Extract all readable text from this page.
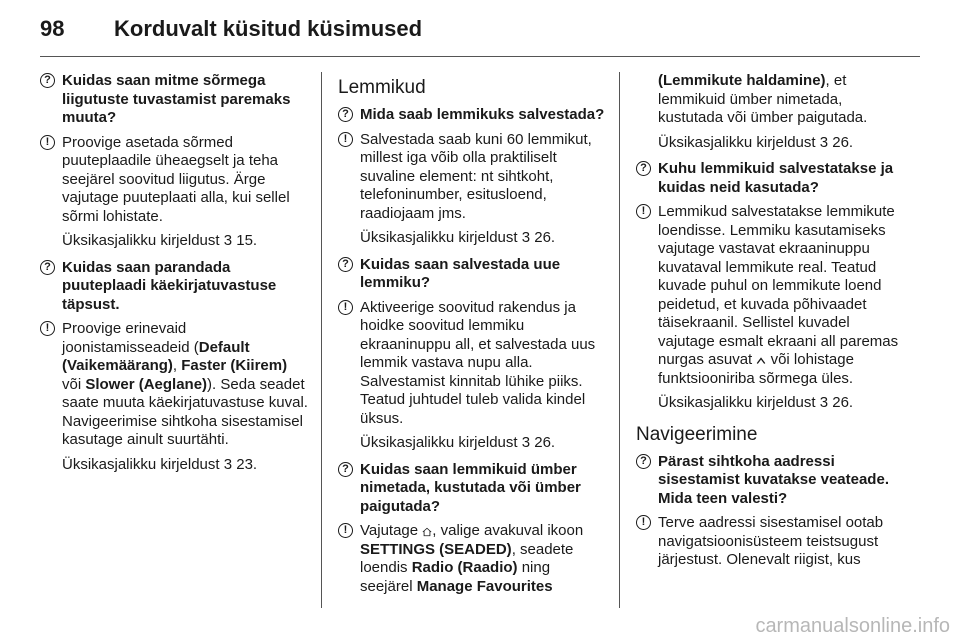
98 Korduvalt küsitud küsimused
? Kuidas saan mitme sõrmega liigutuste tuvastamist paremaks muuta?
! Proovige asetada sõrmed puuteplaadile üheaegselt ja teha seejärel soovitud liigutus. Ärge vajutage puuteplaati alla, kui sellel sõrmi lohistate.
Üksikasjalikku kirjeldust 3 15.
? Kuidas saan parandada puuteplaadi käekirjatuvastuse täpsust.
! Proovige erinevaid joonistamisseadeid (Default (Vaikemäärang), Faster (Kiirem) või Slower (Aeglane)). Seda seadet saate muuta käekirjatuvastuse kuval. Navigeerimise sihtkoha sisestamisel kasutage ainult suurtähti.
Üksikasjalikku kirjeldust 3 23.
Lemmikud
? Mida saab lemmikuks salvestada?
! Salvestada saab kuni 60 lemmikut, millest iga võib olla praktiliselt suvaline element: nt sihtkoht, telefoninumber, esitusloend, raadiojaam jms.
Üksikasjalikku kirjeldust 3 26.
? Kuidas saan salvestada uue lemmiku?
! Aktiveerige soovitud rakendus ja hoidke soovitud lemmiku ekraaninuppu all, et salvestada uus lemmik vastava nupu alla. Salvestamist kinnitab lühike piiks. Teatud juhtudel tuleb valida kindel üksus.
Üksikasjalikku kirjeldust 3 26.
? Kuidas saan lemmikuid ümber nimetada, kustutada või ümber paigutada?
! Vajutage , valige avakuval ikoon SETTINGS (SEADED), seadete loendis Radio (Raadio) ning seejärel Manage Favourites
(Lemmikute haldamine), et lemmikuid ümber nimetada, kustutada või ümber paigutada.
Üksikasjalikku kirjeldust 3 26.
? Kuhu lemmikuid salvestatakse ja kuidas neid kasutada?
! Lemmikud salvestatakse lemmikute loendisse. Lemmiku kasutamiseks vajutage vastavat ekraaninuppu kuvataval lemmikute real. Teatud kuvade puhul on lemmikute loend peidetud, et kuvada põhivaadet täisekraanil. Sellistel kuvadel vajutage esmalt ekraani all paremas nurgas asuvat  või lohistage funktsiooniriba sõrmega üles.
Üksikasjalikku kirjeldust 3 26.
Navigeerimine
? Pärast sihtkoha aadressi sisestamist kuvatakse veateade. Mida teen valesti?
! Terve aadressi sisestamisel ootab navigatsioonisüsteem teistsugust järjestust. Olenevalt riigist, kus
carmanualsonline.info
